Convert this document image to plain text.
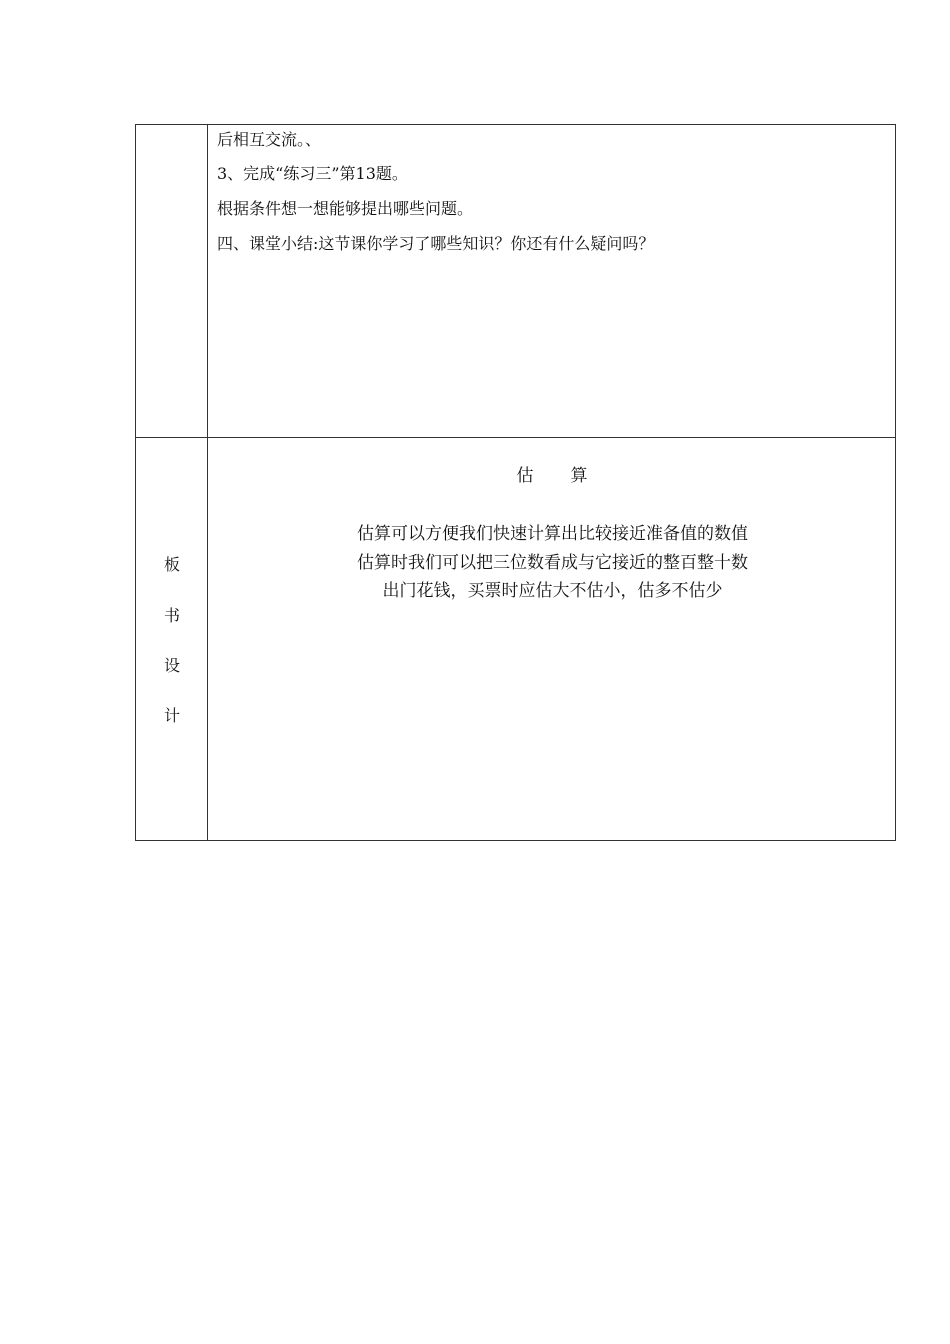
后相互交流。、
3、完成“练习三”第13题。
根据条件想一想能够提出哪些问题。
四、课堂小结:这节课你学习了哪些知识？你还有什么疑问吗？
板
书
设
计
估　　算
估算可以方便我们快速计算出比较接近准备值的数值
估算时我们可以把三位数看成与它接近的整百整十数
出门花钱，买票时应估大不估小，估多不估少
